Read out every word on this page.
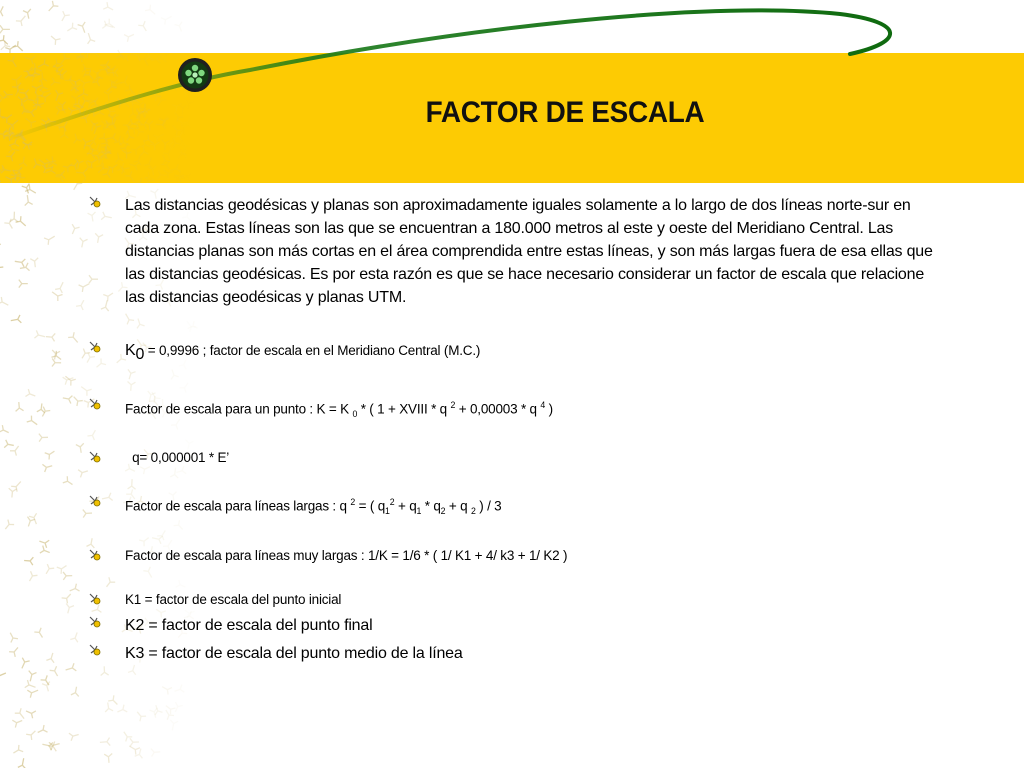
FACTOR DE ESCALA
Las distancias geodésicas y planas son aproximadamente iguales solamente a lo largo de dos líneas norte-sur en cada zona. Estas líneas son las que se encuentran a 180.000 metros al este y oeste del Meridiano Central. Las distancias planas son más cortas en el área comprendida entre estas líneas, y son más largas fuera de esa ellas que las distancias geodésicas. Es por esta razón es que se hace necesario considerar un factor de escala que relacione las distancias geodésicas y planas UTM.
$K_0 = 0,9996$ ; factor de escala en el Meridiano Central (M.C.)
Factor de escala para un punto : K = K $_0$ * ( 1 + XVIII * q $^2$ + 0,00003 * q $^4$ )
q= 0,000001 * E’
Factor de escala para líneas largas : q $^2$ = ( $q_1^2 + q_1 * q_2 + q$ $_2$ ) / 3
Factor de escala para líneas muy largas : 1/K = 1/6 * ( 1/ K1 + 4/ k3 + 1/ K2 )
K1 = factor de escala del punto inicial
K2 = factor de escala del punto final
K3 = factor de escala del punto medio de la línea
